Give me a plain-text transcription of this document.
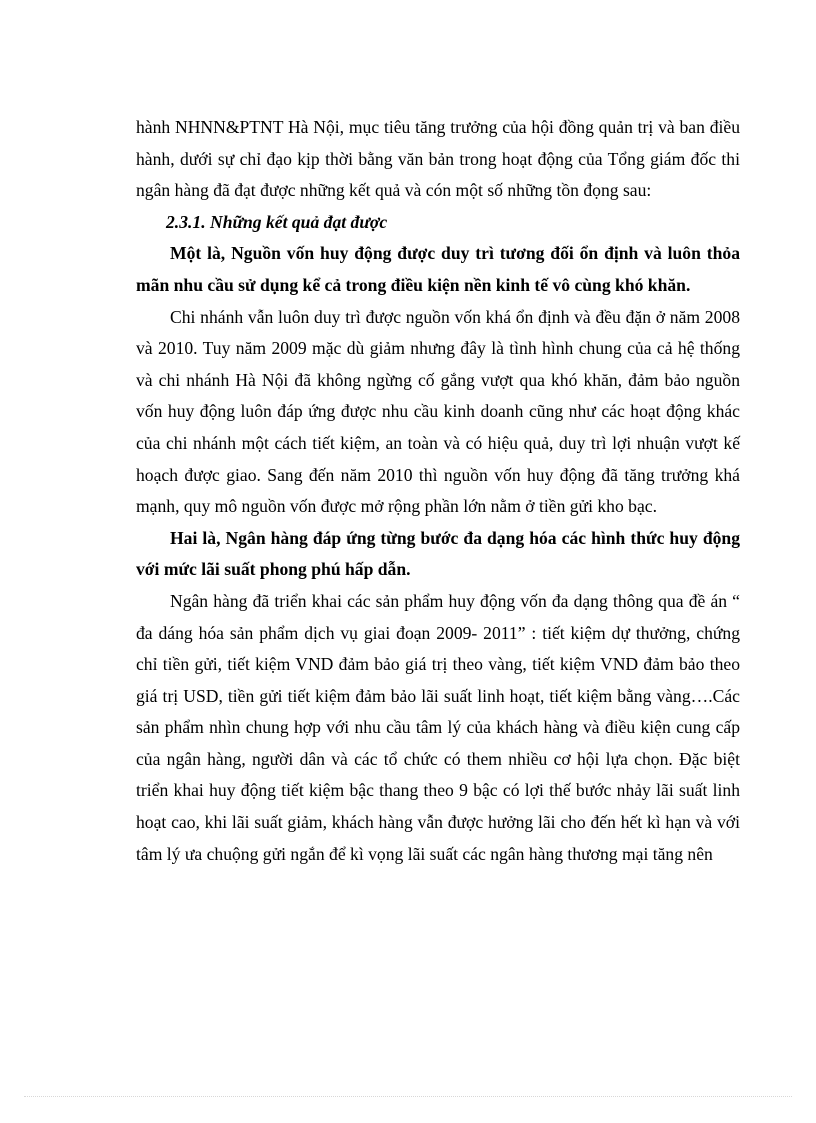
hành NHNN&PTNT Hà Nội, mục tiêu tăng trưởng của hội đồng quản trị và ban điều hành, dưới sự chỉ đạo kịp thời bằng văn bản trong hoạt động của Tổng giám đốc thi ngân hàng đã đạt được những kết quả và cón một số những tồn đọng sau:

2.3.1. Những kết quả đạt được

Một là, Nguồn vốn huy động được duy trì tương đối ổn định và luôn thỏa mãn nhu cầu sử dụng kể cả trong điều kiện nền kinh tế vô cùng khó khăn.

Chi nhánh vẫn luôn duy trì được nguồn vốn khá ổn định và đều đặn ở năm 2008 và 2010. Tuy năm 2009 mặc dù giảm nhưng đây là tình hình chung của cả hệ thống và chi nhánh Hà Nội đã không ngừng cố gắng vượt qua khó khăn, đảm bảo nguồn vốn huy động luôn đáp ứng được nhu cầu kinh doanh cũng như các hoạt động khác của chi nhánh một cách tiết kiệm, an toàn và có hiệu quả, duy trì lợi nhuận vượt kế hoạch được giao. Sang đến năm 2010 thì nguồn vốn huy động đã tăng trưởng khá mạnh, quy mô nguồn vốn được mở rộng phần lớn nằm ở tiền gửi kho bạc.

Hai là, Ngân hàng đáp ứng từng bước đa dạng hóa các hình thức huy động với mức lãi suất phong phú hấp dẫn.

Ngân hàng đã triển khai các sản phẩm huy động vốn đa dạng thông qua đề án “ đa dáng hóa sản phẩm dịch vụ giai đoạn 2009- 2011” : tiết kiệm dự thưởng, chứng chỉ tiền gửi, tiết kiệm VND đảm bảo giá trị theo vàng, tiết kiệm VND đảm bảo theo giá trị USD, tiền gửi tiết kiệm đảm bảo lãi suất linh hoạt, tiết kiệm bằng vàng….Các sản phẩm nhìn chung hợp với nhu cầu tâm lý của khách hàng và điều kiện cung cấp của ngân hàng, người dân và các tổ chức có them nhiều cơ hội lựa chọn. Đặc biệt triển khai huy động tiết kiệm bậc thang theo 9 bậc có lợi thế bước nhảy lãi suất linh hoạt cao, khi lãi suất giảm, khách hàng vẫn được hưởng lãi cho đến hết kì hạn và với tâm lý ưa chuộng gửi ngắn để kì vọng lãi suất các ngân hàng thương mại tăng nên
